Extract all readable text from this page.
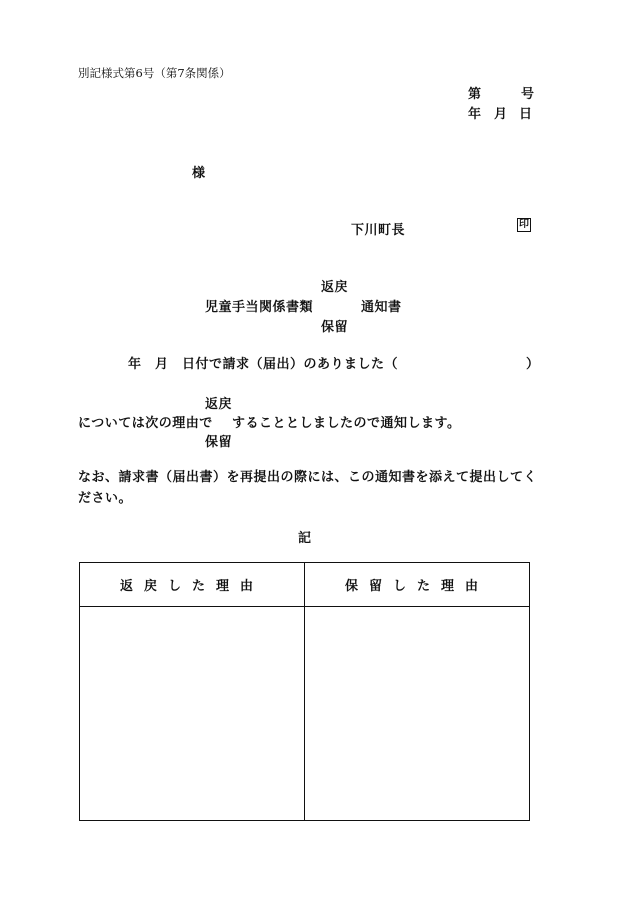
別記様式第6号（第7条関係）
第	号
年 月 日
様
下川町長	印
返戻
児童手当関係書類	通知書
保留
年　月　日付で請求（届出）のありました（	）
返戻
については次の理由で することとしましたので通知します。
保留
なお、請求書（届出書）を再提出の際には、この通知書を添えて提出してください。
記
返戻した理由	保留した理由
